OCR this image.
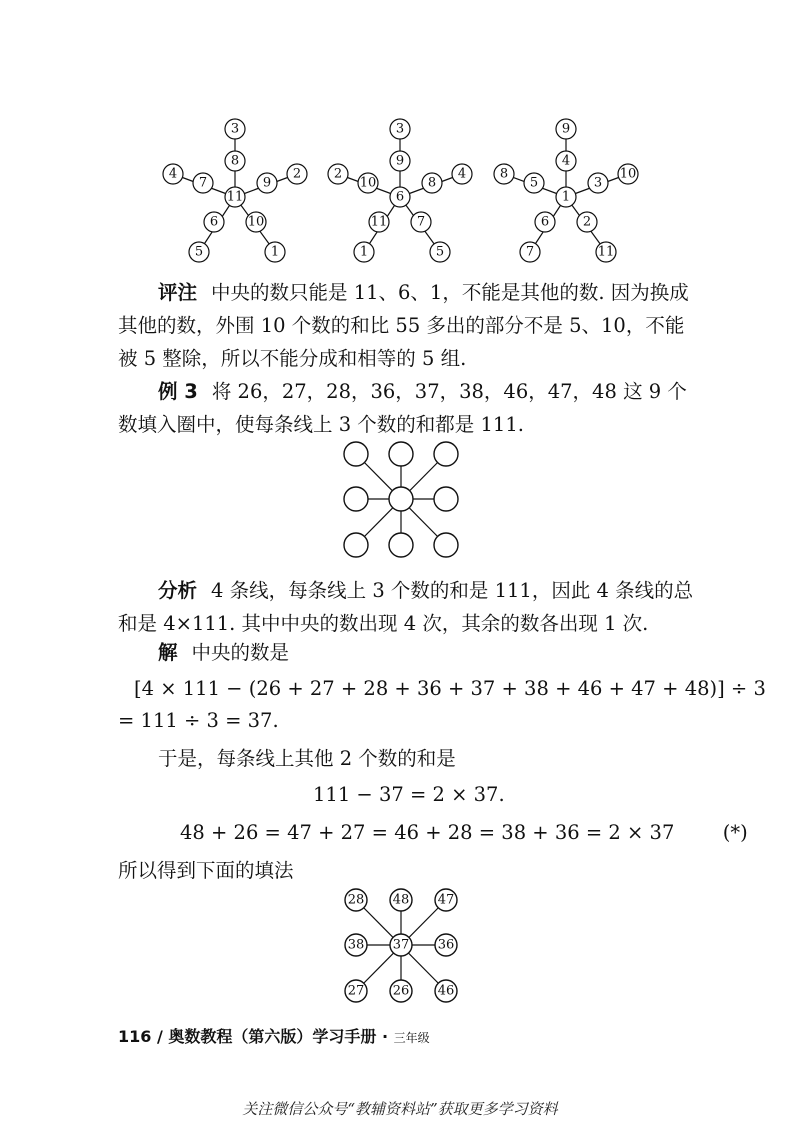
3
8
4
7
2
9
5
6
1
10
11
3
9
2
10
4
8
1
11
5
7
6
9
4
8
5
10
3
7
6
11
2
1

评注 中央的数只能是 11、6、1，不能是其他的数. 因为换成其他的数，外围 10 个数的和比 55 多出的部分不是 5、10，不能被 5 整除，所以不能分成和相等的 5 组.

例 3 将 26，27，28，36，37，38，46，47，48 这 9 个数填入圈中，使每条线上 3 个数的和都是 111.

分析 4 条线，每条线上 3 个数的和是 111，因此 4 条线的总和是 4×111. 其中中央的数出现 4 次，其余的数各出现 1 次.

解 中央的数是

[4 × 111 − (26 + 27 + 28 + 36 + 37 + 38 + 46 + 47 + 48)] ÷ 3

= 111 ÷ 3 = 37.

于是，每条线上其他 2 个数的和是

111 − 37 = 2 × 37.

48 + 26 = 47 + 27 = 46 + 28 = 38 + 36 = 2 × 37 (*)

所以得到下面的填法

28 48 47
38 37 36
27 26 46
116 / 奥数教程（第六版）学习手册 · 三年级
关注微信公众号“教辅资料站”获取更多学习资料
